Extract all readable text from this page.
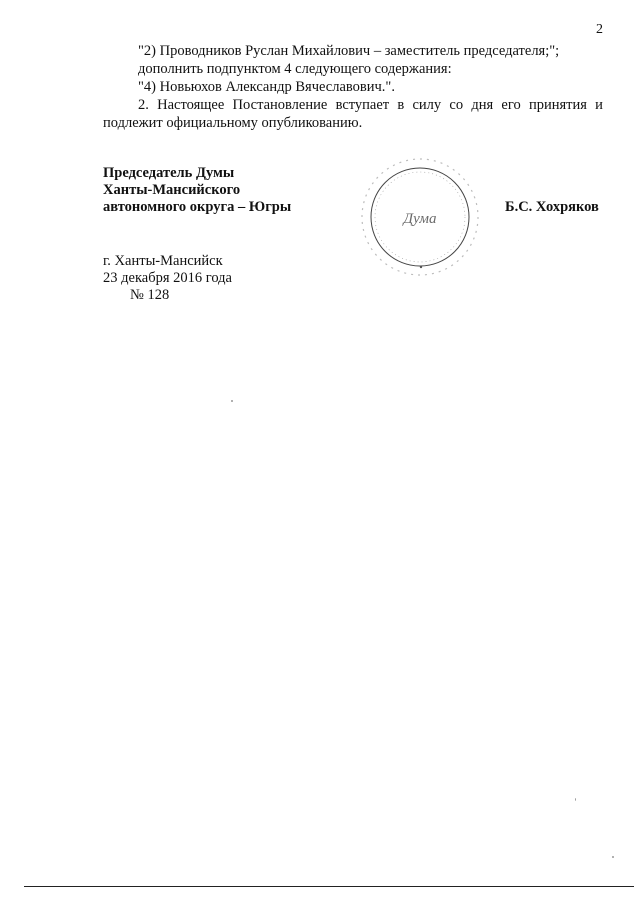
2
"2) Проводников Руслан Михайлович – заместитель председателя;";
дополнить подпунктом 4 следующего содержания:
"4) Новьюхов Александр Вячеславович.".
2. Настоящее Постановление вступает в силу со дня его принятия и
подлежит официальному опубликованию.
Председатель Думы
Ханты-Мансийского
автономного округа – Югры
Дума
Б.С. Хохряков
г. Ханты-Мансийск
23 декабря 2016 года
№ 128
